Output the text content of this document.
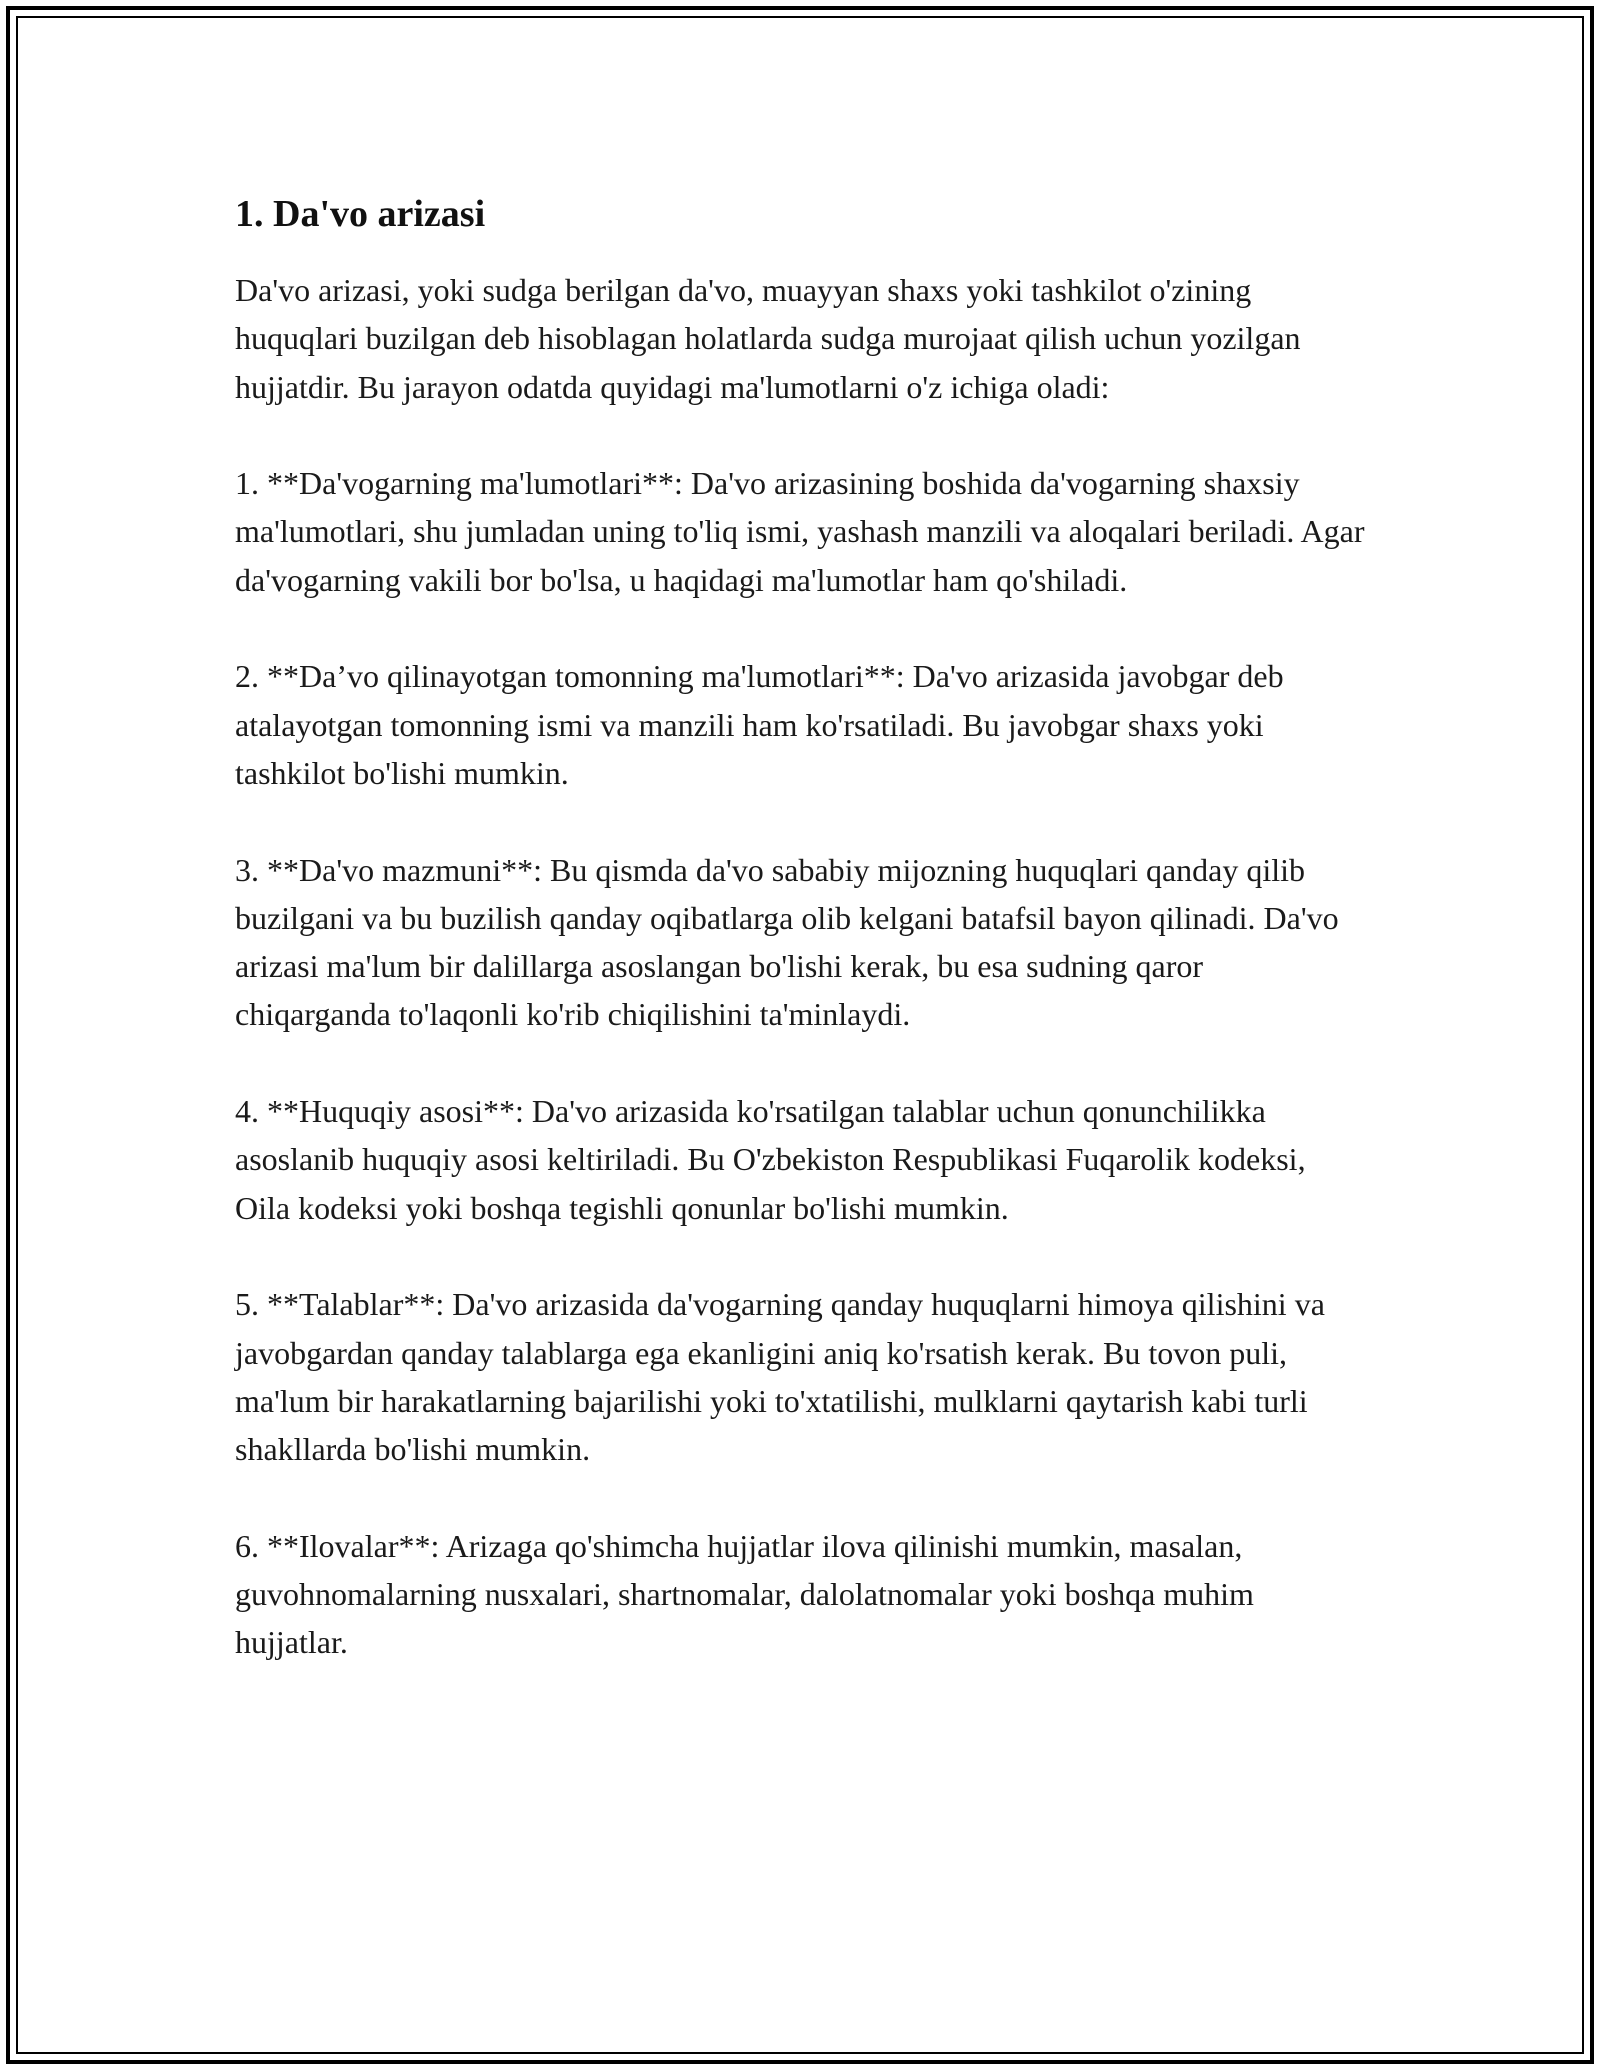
1. Da'vo arizasi

Da'vo arizasi, yoki sudga berilgan da'vo, muayyan shaxs yoki tashkilot o'zining huquqlari buzilgan deb hisoblagan holatlarda sudga murojaat qilish uchun yozilgan hujjatdir. Bu jarayon odatda quyidagi ma'lumotlarni o'z ichiga oladi:

1. **Da'vogarning ma'lumotlari**: Da'vo arizasining boshida da'vogarning shaxsiy ma'lumotlari, shu jumladan uning to'liq ismi, yashash manzili va aloqalari beriladi. Agar da'vogarning vakili bor bo'lsa, u haqidagi ma'lumotlar ham qo'shiladi.

2. **Da’vo qilinayotgan tomonning ma'lumotlari**: Da'vo arizasida javobgar deb atalayotgan tomonning ismi va manzili ham ko'rsatiladi. Bu javobgar shaxs yoki tashkilot bo'lishi mumkin.

3. **Da'vo mazmuni**: Bu qismda da'vo sababiy mijozning huquqlari qanday qilib buzilgani va bu buzilish qanday oqibatlarga olib kelgani batafsil bayon qilinadi. Da'vo arizasi ma'lum bir dalillarga asoslangan bo'lishi kerak, bu esa sudning qaror chiqarganda to'laqonli ko'rib chiqilishini ta'minlaydi.

4. **Huquqiy asosi**: Da'vo arizasida ko'rsatilgan talablar uchun qonunchilikka asoslanib huquqiy asosi keltiriladi. Bu O'zbekiston Respublikasi Fuqarolik kodeksi, Oila kodeksi yoki boshqa tegishli qonunlar bo'lishi mumkin.

5. **Talablar**: Da'vo arizasida da'vogarning qanday huquqlarni himoya qilishini va javobgardan qanday talablarga ega ekanligini aniq ko'rsatish kerak. Bu tovon puli, ma'lum bir harakatlarning bajarilishi yoki to'xtatilishi, mulklarni qaytarish kabi turli shakllarda bo'lishi mumkin.

6. **Ilovalar**: Arizaga qo'shimcha hujjatlar ilova qilinishi mumkin, masalan, guvohnomalarning nusxalari, shartnomalar, dalolatnomalar yoki boshqa muhim hujjatlar.
